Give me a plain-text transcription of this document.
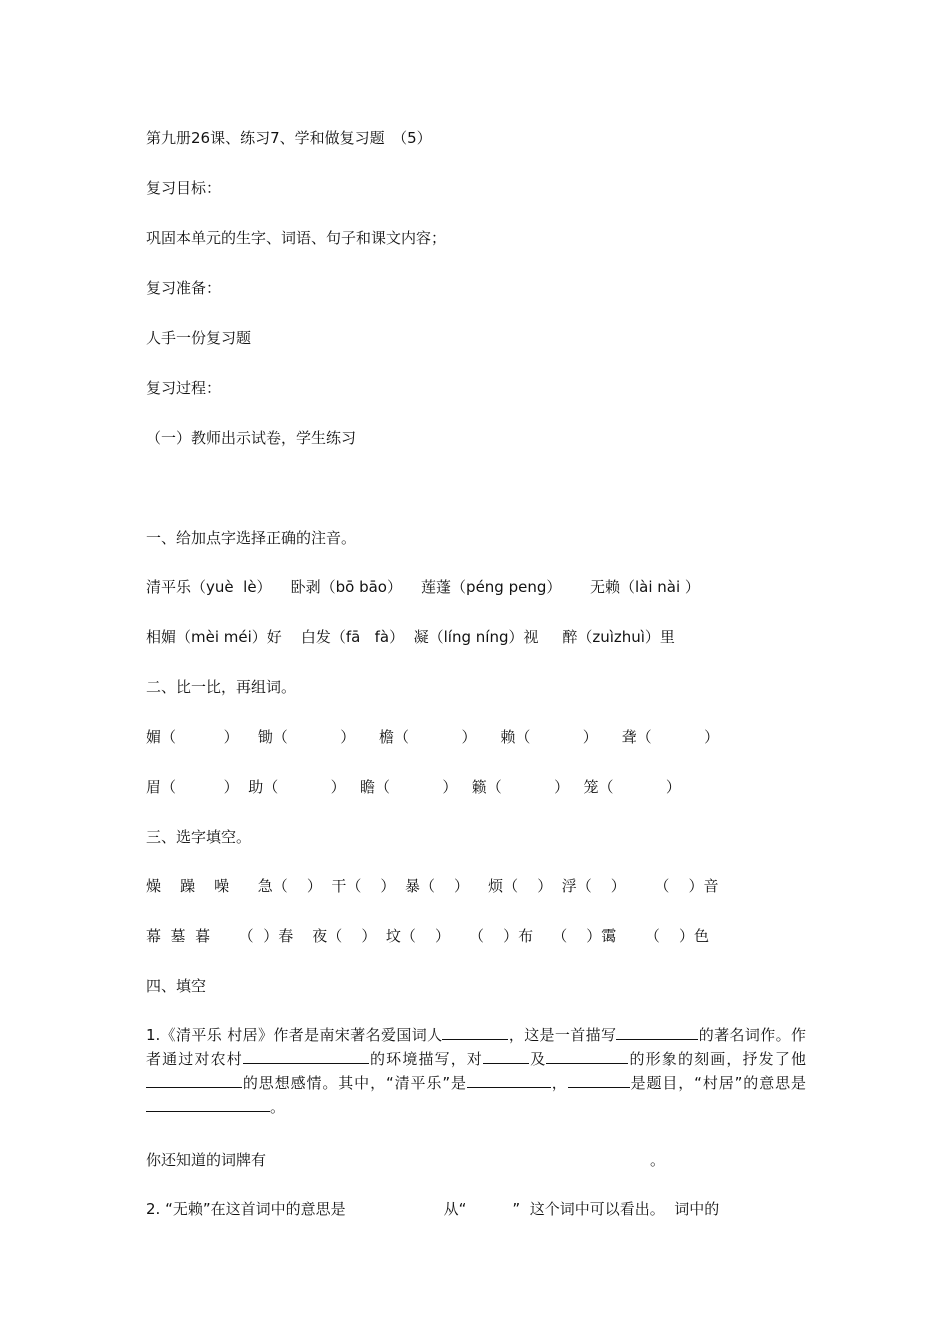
第九册26课、练习7、学和做复习题　（5）
复习目标：
巩固本单元的生字、词语、句子和课文内容；
复习准备：
人手一份复习题
复习过程：
（一）教师出示试卷，学生练习
一、给加点字选择正确的注音。
清平乐（yuè  lè）    卧剥（bō bāo）    莲蓬（péng peng）      无赖（lài nài ）
相媚（mèi méi）好    白发（fā   fà）  凝（líng níng）视     醉（zuìzhuì）里
二、比一比，再组词。
媚（          ）    锄（           ）     檐（           ）     赖（           ）     聋（           ）
眉（          ）  助（           ）   瞻（           ）   籁（           ）   笼（           ）
三、选字填空。
燥    躁    噪      急（    ）  干（    ）  暴（    ）    烦（    ）  浮（    ）      （    ）音
幕  墓  暮      （  ）春    夜（    ）  坟（    ）    （    ）布    （    ）霭      （    ）色
四、填空
1.《清平乐 村居》作者是南宋著名爱国词人	，这是一首描写	的著名词作。作者通过对农村	的环境描写，对	及	的形象的刻画，抒发了他的思想感情。其中，“清平乐”是	，	是题目，“村居”的意思是。
你还知道的词牌有	。
2. “无赖”在这首词中的意思是	从“	”  这个词中可以看出。  词中的
